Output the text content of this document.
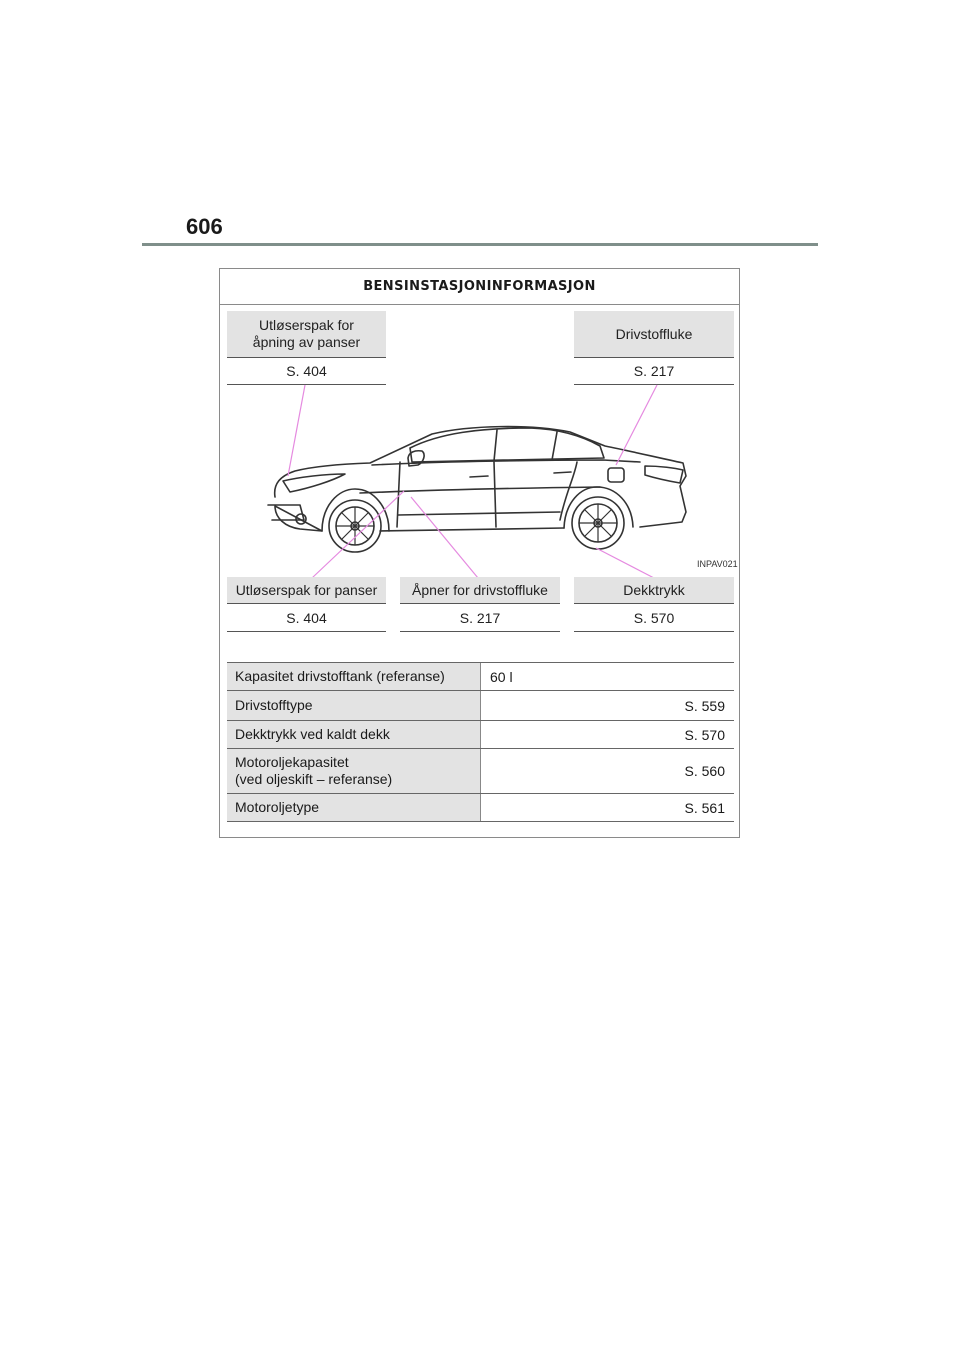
606
BENSINSTASJONINFORMASJON
Utløserspak for
åpning av panser
S. 404
Drivstoffluke
S. 217
INPAV021
Utløserspak for panser
S. 404
Åpner for drivstoffluke
S. 217
Dekktrykk
S. 570
Kapasitet drivstofftank (referanse)	60 l
Drivstofftype	S. 559
Dekktrykk ved kaldt dekk	S. 570
Motoroljekapasitet
(ved oljeskift – referanse)	S. 560
Motoroljetype	S. 561
